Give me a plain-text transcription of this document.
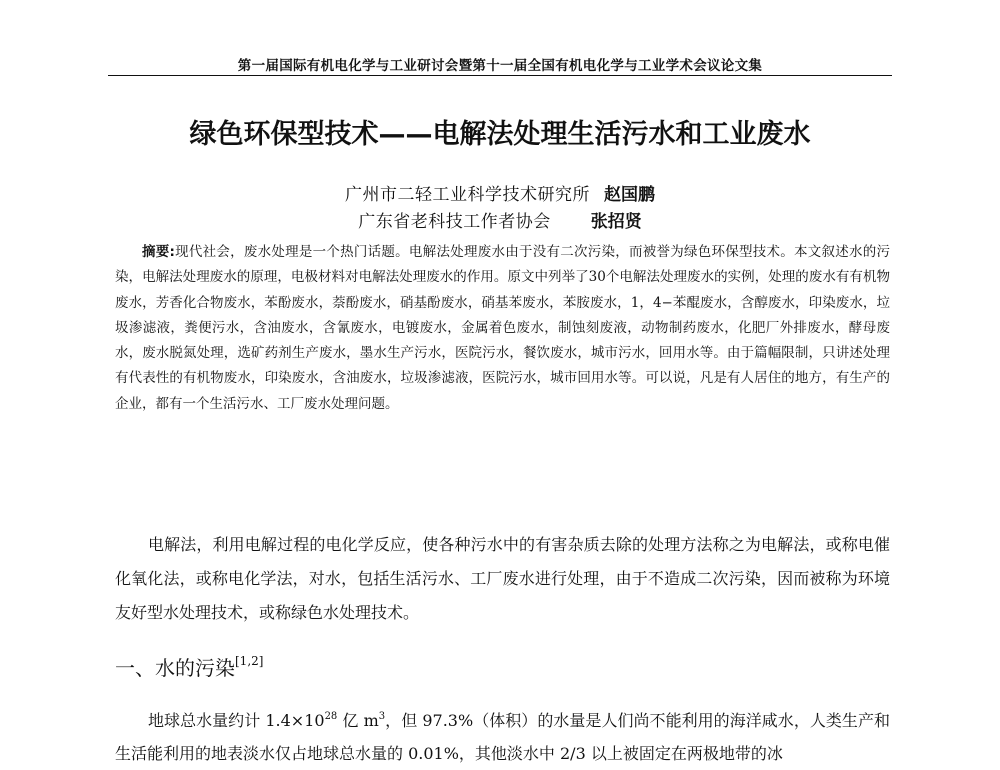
第一届国际有机电化学与工业研讨会暨第十一届全国有机电化学与工业学术会议论文集
绿色环保型技术——电解法处理生活污水和工业废水
广州市二轻工业科学技术研究所 赵国鹏
广东省老科技工作者协会 张招贤
摘要:现代社会，废水处理是一个热门话题。电解法处理废水由于没有二次污染，而被誉为绿色环保型技术。本文叙述水的污染，电解法处理废水的原理，电极材料对电解法处理废水的作用。原文中列举了30个电解法处理废水的实例，处理的废水有有机物废水，芳香化合物废水，苯酚废水，萘酚废水，硝基酚废水，硝基苯废水，苯胺废水，1，4−苯醌废水，含醇废水，印染废水，垃圾渗滤液，粪便污水，含油废水，含氰废水，电镀废水，金属着色废水，制蚀刻废液，动物制药废水，化肥厂外排废水，酵母废水，废水脱氮处理，选矿药剂生产废水，墨水生产污水，医院污水，餐饮废水，城市污水，回用水等。由于篇幅限制，只讲述处理有代表性的有机物废水，印染废水，含油废水，垃圾渗滤液，医院污水，城市回用水等。可以说，凡是有人居住的地方，有生产的企业，都有一个生活污水、工厂废水处理问题。
电解法，利用电解过程的电化学反应，使各种污水中的有害杂质去除的处理方法称之为电解法，或称电催化氧化法，或称电化学法，对水，包括生活污水、工厂废水进行处理，由于不造成二次污染，因而被称为环境友好型水处理技术，或称绿色水处理技术。
一、水的污染[1,2]
地球总水量约计 $1.4\times 10^{28}$ 亿 $m^3$，但 97.3%（体积）的水量是人们尚不能利用的海洋咸水，人类生产和生活能利用的地表淡水仅占地球总水量的 0.01%，其他淡水中 2/3 以上被固定在两极地带的冰
